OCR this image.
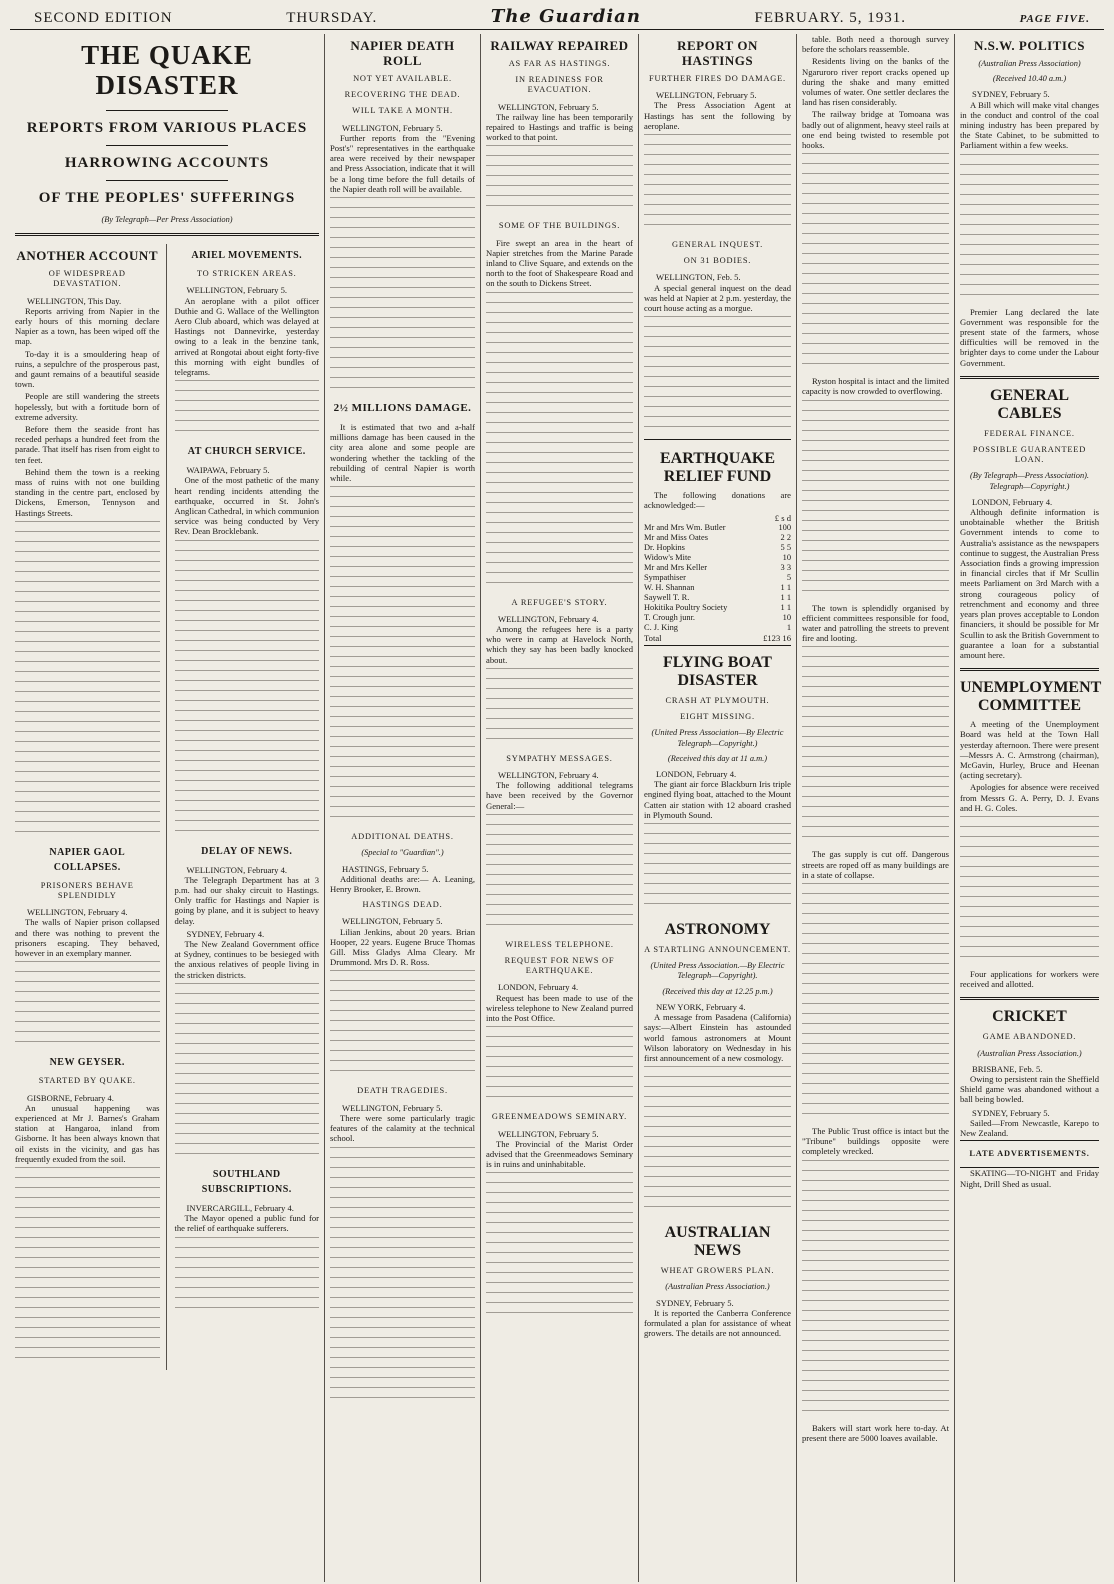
SECOND EDITION	THURSDAY.	The Guardian	FEBRUARY. 5, 1931.	PAGE FIVE.
THE QUAKE DISASTER
REPORTS FROM VARIOUS PLACES
HARROWING ACCOUNTS
OF THE PEOPLES' SUFFERINGS
(By Telegraph—Per Press Association)
ANOTHER ACCOUNT
OF WIDESPREAD DEVASTATION.
WELLINGTON, This Day.

Reports arriving from Napier in the early hours of this morning declare Napier as a town, has been wiped off the map.

To-day it is a smouldering heap of ruins, a sepulchre of the prosperous past, and gaunt remains of a beautiful seaside town.

People are still wandering the streets hopelessly, but with a fortitude born of extreme adversity.

Before them the seaside front has receded perhaps a hundred feet from the parade. That itself has risen from eight to ten feet.

Behind them the town is a reeking mass of ruins with not one building standing in the centre part, enclosed by Dickens, Emerson, Tennyson and Hastings Streets.

NAPIER GAOL COLLAPSES.
PRISONERS BEHAVE SPLENDIDLY
WELLINGTON, February 4.

The walls of Napier prison collapsed and there was nothing to prevent the prisoners escaping. They behaved, however in an exemplary manner.

NEW GEYSER.
STARTED BY QUAKE.
GISBORNE, February 4.

An unusual happening was experienced at Mr J. Barnes's Graham station at Hangaroa, inland from Gisborne. It has been always known that oil exists in the vicinity, and gas has frequently exuded from the soil.

ARIEL MOVEMENTS.
TO STRICKEN AREAS.
WELLINGTON, February 5.

An aeroplane with a pilot officer Duthie and G. Wallace of the Wellington Aero Club aboard, which was delayed at Hastings not Dannevirke, yesterday owing to a leak in the benzine tank, arrived at Rongotai about eight forty-five this morning with eight bundles of telegrams.

AT CHURCH SERVICE.
WAIPAWA, February 5.

One of the most pathetic of the many heart rending incidents attending the earthquake, occurred in St. John's Anglican Cathedral, in which communion service was being conducted by Very Rev. Dean Brocklebank.

DELAY OF NEWS.
WELLINGTON, February 4.

The Telegraph Department has at 3 p.m. had our shaky circuit to Hastings. Only traffic for Hastings and Napier is going by plane, and it is subject to heavy delay.

SYDNEY, February 4.

The New Zealand Government office at Sydney, continues to be besieged with the anxious relatives of people living in the stricken districts.

SOUTHLAND SUBSCRIPTIONS.
INVERCARGILL, February 4.

The Mayor opened a public fund for the relief of earthquake sufferers.

NAPIER DEATH ROLL
NOT YET AVAILABLE.
RECOVERING THE DEAD.
WILL TAKE A MONTH.
WELLINGTON, February 5.

Further reports from the "Evening Post's" representatives in the earthquake area were received by their newspaper and Press Association, indicate that it will be a long time before the full details of the Napier death roll will be available.

2½ MILLIONS DAMAGE.

It is estimated that two and a-half millions damage has been caused in the city area alone and some people are wondering whether the tackling of the rebuilding of central Napier is worth while.

ADDITIONAL DEATHS.
(Special to "Guardian".)
HASTINGS, February 5.

Additional deaths are:— A. Leaning, Henry Brooker, E. Brown.

HASTINGS DEAD.
WELLINGTON, February 5.

Lilian Jenkins, about 20 years. Brian Hooper, 22 years. Eugene Bruce Thomas Gill. Miss Gladys Alma Cleary. Mr Drummond. Mrs D. R. Ross.

DEATH TRAGEDIES.
WELLINGTON, February 5.

There were some particularly tragic features of the calamity at the technical school.

RAILWAY REPAIRED
AS FAR AS HASTINGS.
IN READINESS FOR EVACUATION.
WELLINGTON, February 5.

The railway line has been temporarily repaired to Hastings and traffic is being worked to that point.

SOME OF THE BUILDINGS.

Fire swept an area in the heart of Napier stretches from the Marine Parade inland to Clive Square, and extends on the north to the foot of Shakespeare Road and on the south to Dickens Street.

A REFUGEE'S STORY.
WELLINGTON, February 4.

Among the refugees here is a party who were in camp at Havelock North, which they say has been badly knocked about.

SYMPATHY MESSAGES.
WELLINGTON, February 4.

The following additional telegrams have been received by the Governor General:—

WIRELESS TELEPHONE.
REQUEST FOR NEWS OF EARTHQUAKE.
LONDON, February 4.

Request has been made to use of the wireless telephone to New Zealand purred into the Post Office.

GREENMEADOWS SEMINARY.
WELLINGTON, February 5.

The Provincial of the Marist Order advised that the Greenmeadows Seminary is in ruins and uninhabitable.

REPORT ON HASTINGS
FURTHER FIRES DO DAMAGE.
WELLINGTON, February 5.

The Press Association Agent at Hastings has sent the following by aeroplane.

GENERAL INQUEST.
ON 31 BODIES.
WELLINGTON, Feb. 5.

A special general inquest on the dead was held at Napier at 2 p.m. yesterday, the court house acting as a morgue.

EARTHQUAKE RELIEF FUND

The following donations are acknowledged:—

£ s d
Mr and Mrs Wm. Butler	100
Mr and Miss Oates	2 2
Dr. Hopkins	5 5
Widow's Mite	10
Mr and Mrs Keller	3 3
Sympathiser	5
W. H. Shannan	1 1
Saywell T. R.	1 1
Hokitika Poultry Society	1 1
T. Crough junr.	10
C. J. King	1
Total	£123 16
FLYING BOAT DISASTER
CRASH AT PLYMOUTH.
EIGHT MISSING.
(United Press Association—By Electric Telegraph—Copyright.)
(Received this day at 11 a.m.)
LONDON, February 4.

The giant air force Blackburn Iris triple engined flying boat, attached to the Mount Catten air station with 12 aboard crashed in Plymouth Sound.

ASTRONOMY
A STARTLING ANNOUNCEMENT.
(United Press Association.—By Electric Telegraph—Copyright).
(Received this day at 12.25 p.m.)
NEW YORK, February 4.

A message from Pasadena (California) says:—Albert Einstein has astounded world famous astronomers at Mount Wilson laboratory on Wednesday in his first announcement of a new cosmology.

AUSTRALIAN NEWS
WHEAT GROWERS PLAN.
(Australian Press Association.)
SYDNEY, February 5.

It is reported the Canberra Conference formulated a plan for assistance of wheat growers. The details are not announced.

table. Both need a thorough survey before the scholars reassemble.

Residents living on the banks of the Ngaruroro river report cracks opened up during the shake and many emitted volumes of water. One settler declares the land has risen considerably.

The railway bridge at Tomoana was badly out of alignment, heavy steel rails at one end being twisted to resemble pot hooks.

Ryston hospital is intact and the limited capacity is now crowded to overflowing.

The town is splendidly organised by efficient committees responsible for food, water and patrolling the streets to prevent fire and looting.

The gas supply is cut off. Dangerous streets are roped off as many buildings are in a state of collapse.

The Public Trust office is intact but the "Tribune" buildings opposite were completely wrecked.

Bakers will start work here to-day. At present there are 5000 loaves available.

N.S.W. POLITICS
(Australian Press Association)
(Received 10.40 a.m.)
SYDNEY, February 5.

A Bill which will make vital changes in the conduct and control of the coal mining industry has been prepared by the State Cabinet, to be submitted to Parliament within a few weeks.

Premier Lang declared the late Government was responsible for the present state of the farmers, whose difficulties will be removed in the brighter days to come under the Labour Government.

GENERAL CABLES
FEDERAL FINANCE.
POSSIBLE GUARANTEED LOAN.
(By Telegraph—Press Association). Telegraph—Copyright.)
LONDON, February 4.

Although definite information is unobtainable whether the British Government intends to come to Australia's assistance as the newspapers continue to suggest, the Australian Press Association finds a growing impression in financial circles that if Mr Scullin meets Parliament on 3rd March with a strong courageous policy of retrenchment and economy and three years plan proves acceptable to London financiers, it should be possible for Mr Scullin to ask the British Government to guarantee a loan for a substantial amount here.

UNEMPLOYMENT COMMITTEE

A meeting of the Unemployment Board was held at the Town Hall yesterday afternoon. There were present—Messrs A. C. Armstrong (chairman), McGavin, Hurley, Bruce and Heenan (acting secretary).

Apologies for absence were received from Messrs G. A. Perry, D. J. Evans and H. G. Coles.

Four applications for workers were received and allotted.

CRICKET
GAME ABANDONED.
(Australian Press Association.)
BRISBANE, Feb. 5.

Owing to persistent rain the Sheffield Shield game was abandoned without a ball being bowled.

SYDNEY, February 5.

Sailed—From Newcastle, Karepo to New Zealand.

LATE ADVERTISEMENTS.

SKATING—TO-NIGHT and Friday Night, Drill Shed as usual.
